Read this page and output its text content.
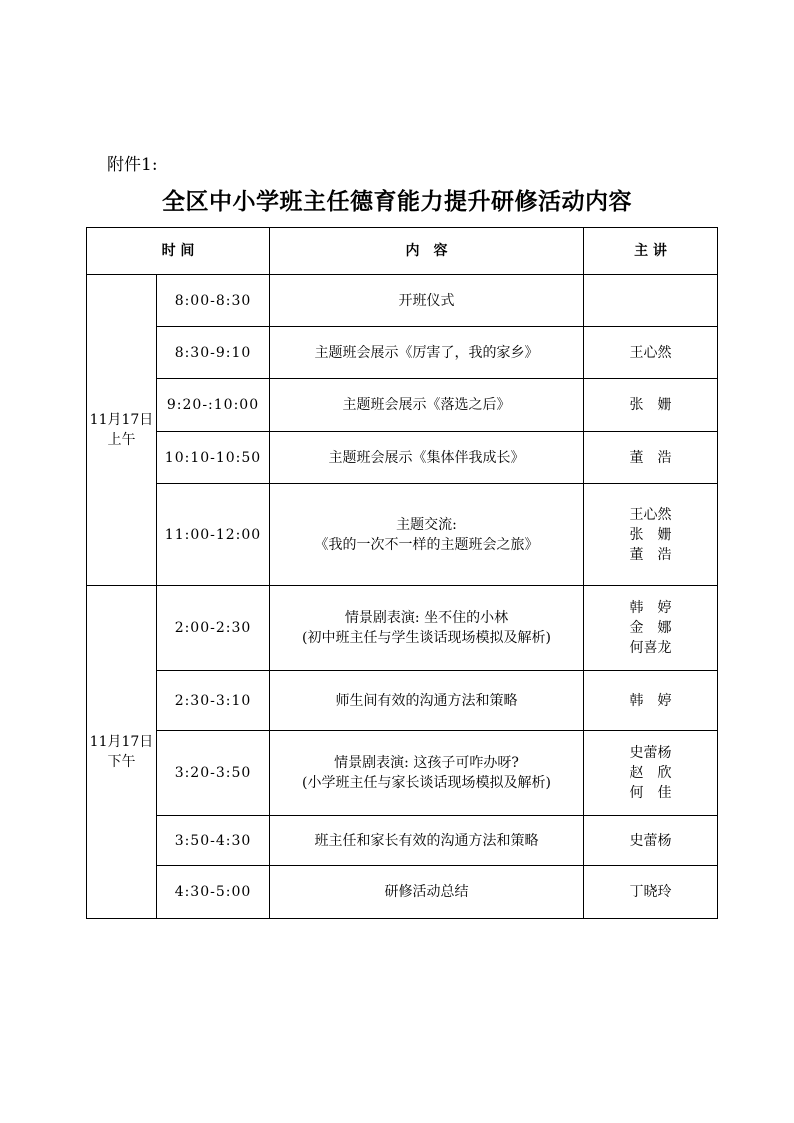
附件1:
全区中小学班主任德育能力提升研修活动内容
时 间		内　容	主 讲

11月17日
上午	8:00-8:30	开班仪式	

	8:30-9:10	主题班会展示《厉害了，我的家乡》	王心然

	9:20-:10:00	主题班会展示《落选之后》	张　姗

	10:10-10:50	主题班会展示《集体伴我成长》	董　浩

	11:00-12:00	主题交流:
《我的一次不一样的主题班会之旅》	王心然
张　姗
董　浩

11月17日
下午	2:00-2:30	情景剧表演: 坐不住的小林
(初中班主任与学生谈话现场模拟及解析)	韩　婷
金　娜
何喜龙

	2:30-3:10	师生间有效的沟通方法和策略	韩　婷

	3:20-3:50	情景剧表演: 这孩子可咋办呀?
(小学班主任与家长谈话现场模拟及解析)	史蕾杨
赵　欣
何　佳

	3:50-4:30	班主任和家长有效的沟通方法和策略	史蕾杨

	4:30-5:00	研修活动总结	丁晓玲
